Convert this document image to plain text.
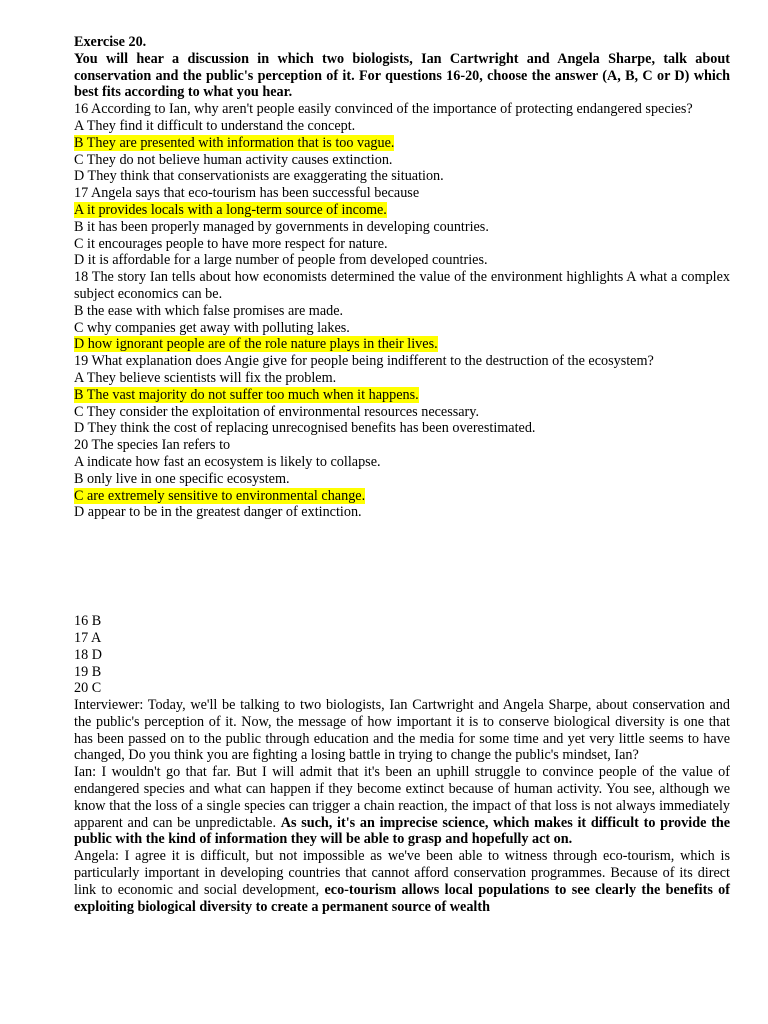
Exercise 20.

You will hear a discussion in which two biologists, Ian Cartwright and Angela Sharpe, talk about conservation and the public's perception of it. For questions 16-20, choose the answer (A, B, C or D) which best fits according to what you hear.

16 According to Ian, why aren't people easily convinced of the importance of protecting endangered species?

A They find it difficult to understand the concept.

B They are presented with information that is too vague.

C They do not believe human activity causes extinction.

D They think that conservationists are exaggerating the situation.

17 Angela says that eco-tourism has been successful because

A it provides locals with a long-term source of income.

B it has been properly managed by governments in developing countries.

C it encourages people to have more respect for nature.

D it is affordable for a large number of people from developed countries.

18 The story Ian tells about how economists determined the value of the environment highlights A what a complex subject economics can be.

B the ease with which false promises are made.

C why companies get away with polluting lakes.

D how ignorant people are of the role nature plays in their lives.

19 What explanation does Angie give for people being indifferent to the destruction of the ecosystem?

A They believe scientists will fix the problem.

B The vast majority do not suffer too much when it happens.

C They consider the exploitation of environmental resources necessary.

D They think the cost of replacing unrecognised benefits has been overestimated.

20 The species Ian refers to

A indicate how fast an ecosystem is likely to collapse.

B only live in one specific ecosystem.

C are extremely sensitive to environmental change.

D appear to be in the greatest danger of extinction.

16 B

17 A

18 D

19 B

20 C

Interviewer: Today, we'll be talking to two biologists, Ian Cartwright and Angela Sharpe, about conservation and the public's perception of it. Now, the message of how important it is to conserve biological diversity is one that has been passed on to the public through education and the media for some time and yet very little seems to have changed, Do you think you are fighting a losing battle in trying to change the public's mindset, Ian?

Ian: I wouldn't go that far. But I will admit that it's been an uphill struggle to convince people of the value of endangered species and what can happen if they become extinct because of human activity. You see, although we know that the loss of a single species can trigger a chain reaction, the impact of that loss is not always immediately apparent and can be unpredictable. As such, it's an imprecise science, which makes it difficult to provide the public with the kind of information they will be able to grasp and hopefully act on.

Angela: I agree it is difficult, but not impossible as we've been able to witness through eco-tourism, which is particularly important in developing countries that cannot afford conservation programmes. Because of its direct link to economic and social development, eco-tourism allows local populations to see clearly the benefits of exploiting biological diversity to create a permanent source of wealth
